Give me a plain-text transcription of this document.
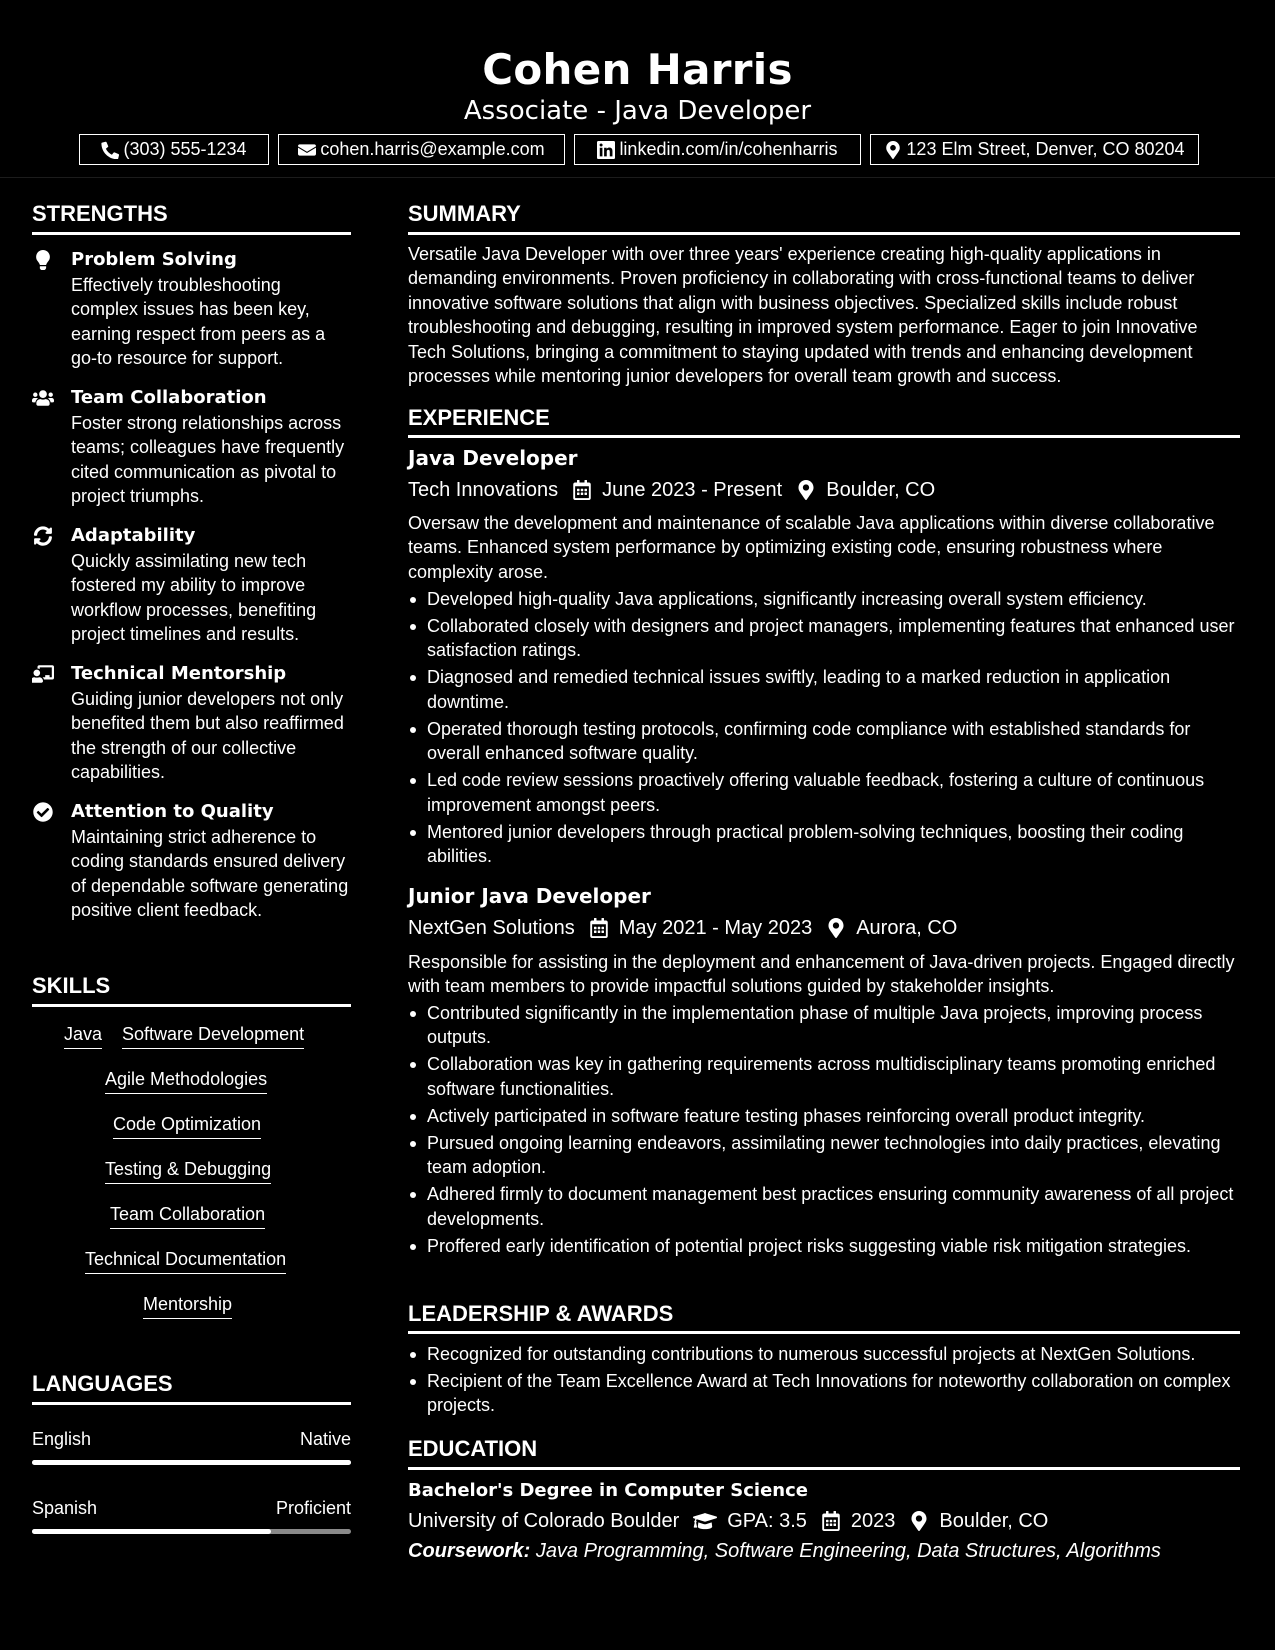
Cohen Harris
Associate - Java Developer
(303) 555-1234	cohen.harris@example.com	linkedin.com/in/cohenharris	123 Elm Street, Denver, CO 80204
STRENGTHS
Problem Solving
Effectively troubleshooting complex issues has been key, earning respect from peers as a go-to resource for support.
Team Collaboration
Foster strong relationships across teams; colleagues have frequently cited communication as pivotal to project triumphs.
Adaptability
Quickly assimilating new tech fostered my ability to improve workflow processes, benefiting project timelines and results.
Technical Mentorship
Guiding junior developers not only benefited them but also reaffirmed the strength of our collective capabilities.
Attention to Quality
Maintaining strict adherence to coding standards ensured delivery of dependable software generating positive client feedback.
SKILLS
Java Software Development
Agile Methodologies
Code Optimization
Testing & Debugging
Team Collaboration
Technical Documentation
Mentorship
LANGUAGES
English	Native
Spanish	Proficient
SUMMARY
Versatile Java Developer with over three years' experience creating high-quality applications in demanding environments. Proven proficiency in collaborating with cross-functional teams to deliver innovative software solutions that align with business objectives. Specialized skills include robust troubleshooting and debugging, resulting in improved system performance. Eager to join Innovative Tech Solutions, bringing a commitment to staying updated with trends and enhancing development processes while mentoring junior developers for overall team growth and success.
EXPERIENCE
Java Developer
Tech Innovations June 2023 - Present Boulder, CO
Oversaw the development and maintenance of scalable Java applications within diverse collaborative teams. Enhanced system performance by optimizing existing code, ensuring robustness where complexity arose.
Developed high-quality Java applications, significantly increasing overall system efficiency.
Collaborated closely with designers and project managers, implementing features that enhanced user satisfaction ratings.
Diagnosed and remedied technical issues swiftly, leading to a marked reduction in application downtime.
Operated thorough testing protocols, confirming code compliance with established standards for overall enhanced software quality.
Led code review sessions proactively offering valuable feedback, fostering a culture of continuous improvement amongst peers.
Mentored junior developers through practical problem-solving techniques, boosting their coding abilities.
Junior Java Developer
NextGen Solutions May 2021 - May 2023 Aurora, CO
Responsible for assisting in the deployment and enhancement of Java-driven projects. Engaged directly with team members to provide impactful solutions guided by stakeholder insights.
Contributed significantly in the implementation phase of multiple Java projects, improving process outputs.
Collaboration was key in gathering requirements across multidisciplinary teams promoting enriched software functionalities.
Actively participated in software feature testing phases reinforcing overall product integrity.
Pursued ongoing learning endeavors, assimilating newer technologies into daily practices, elevating team adoption.
Adhered firmly to document management best practices ensuring community awareness of all project developments.
Proffered early identification of potential project risks suggesting viable risk mitigation strategies.
LEADERSHIP & AWARDS
Recognized for outstanding contributions to numerous successful projects at NextGen Solutions.
Recipient of the Team Excellence Award at Tech Innovations for noteworthy collaboration on complex projects.
EDUCATION
Bachelor's Degree in Computer Science
University of Colorado Boulder GPA: 3.5 2023 Boulder, CO
Coursework: Java Programming, Software Engineering, Data Structures, Algorithms
